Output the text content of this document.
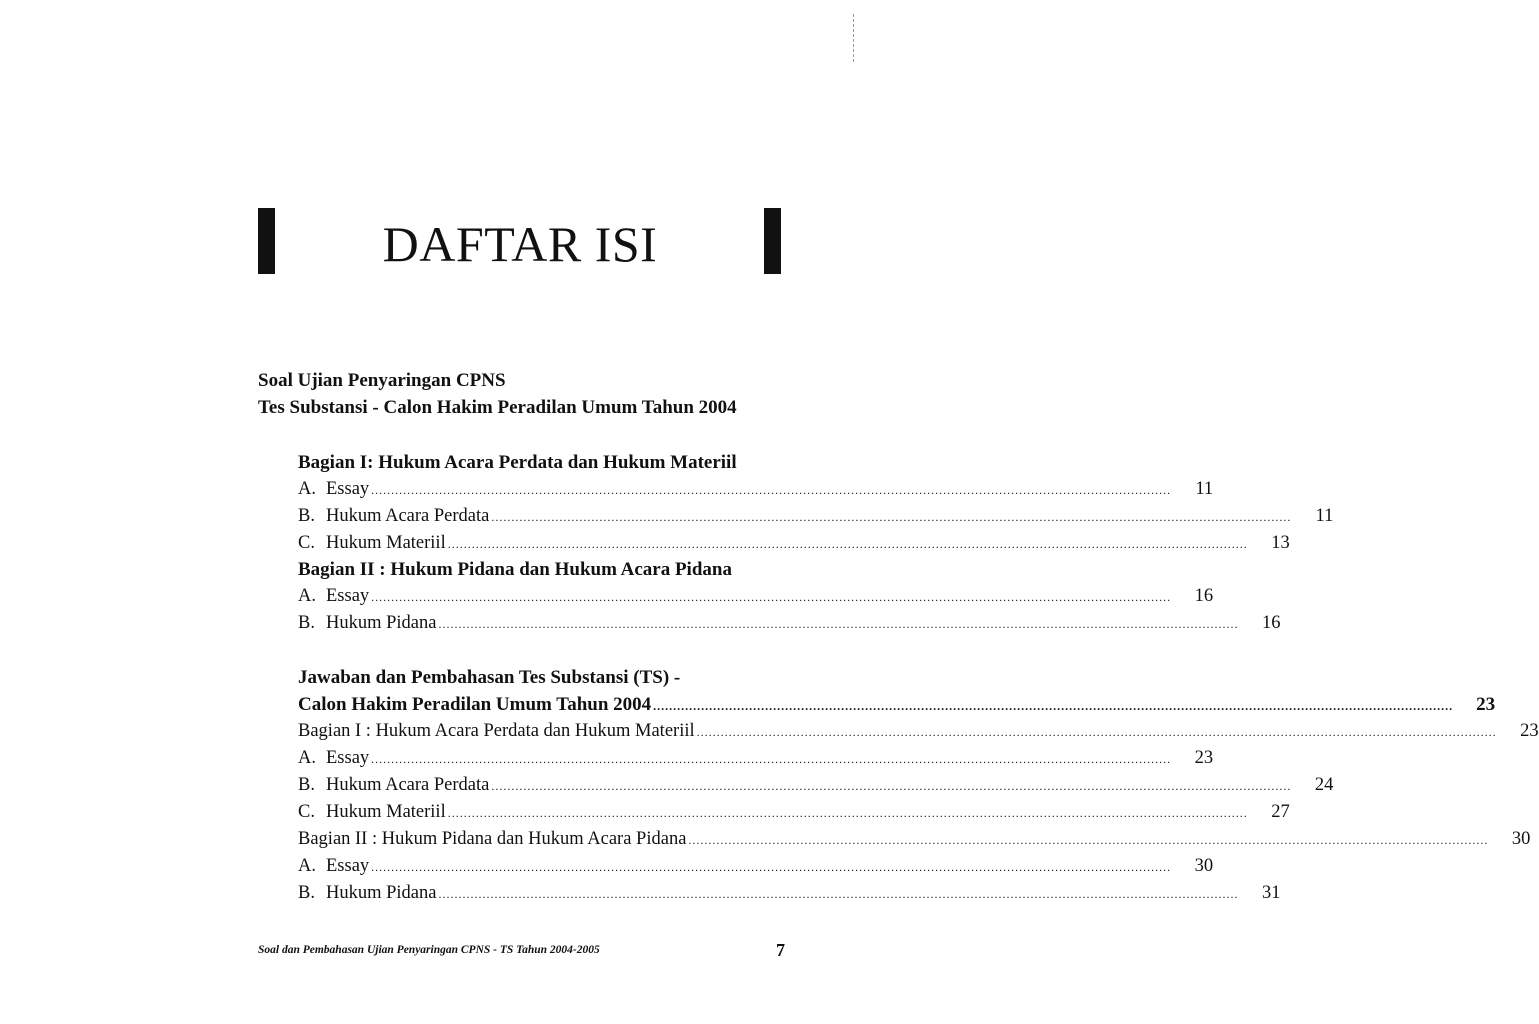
DAFTAR ISI
Soal Ujian Penyaringan CPNS
Tes Substansi - Calon Hakim Peradilan Umum Tahun 2004
Bagian I: Hukum Acara Perdata dan Hukum Materiil
A. Essay ........................................................................................................................................................................................................	11
B. Hukum Acara Perdata ........................................................................................................................................................................................................	11
C. Hukum Materiil ........................................................................................................................................................................................................	13
Bagian II : Hukum Pidana dan Hukum Acara Pidana
A. Essay ........................................................................................................................................................................................................	16
B. Hukum Pidana ........................................................................................................................................................................................................	16
Jawaban dan Pembahasan Tes Substansi (TS) -
Calon Hakim Peradilan Umum Tahun 2004 ........................................................................................................................................................................................................	23
Bagian I : Hukum Acara Perdata dan Hukum Materiil ........................................................................................................................................................................................................	23
A. Essay ........................................................................................................................................................................................................	23
B. Hukum Acara Perdata ........................................................................................................................................................................................................	24
C. Hukum Materiil ........................................................................................................................................................................................................	27
Bagian II : Hukum Pidana dan Hukum Acara Pidana ........................................................................................................................................................................................................	30
A. Essay ........................................................................................................................................................................................................	30
B. Hukum Pidana ........................................................................................................................................................................................................	31
Soal dan Pembahasan Ujian Penyaringan CPNS - TS Tahun 2004-2005	7
